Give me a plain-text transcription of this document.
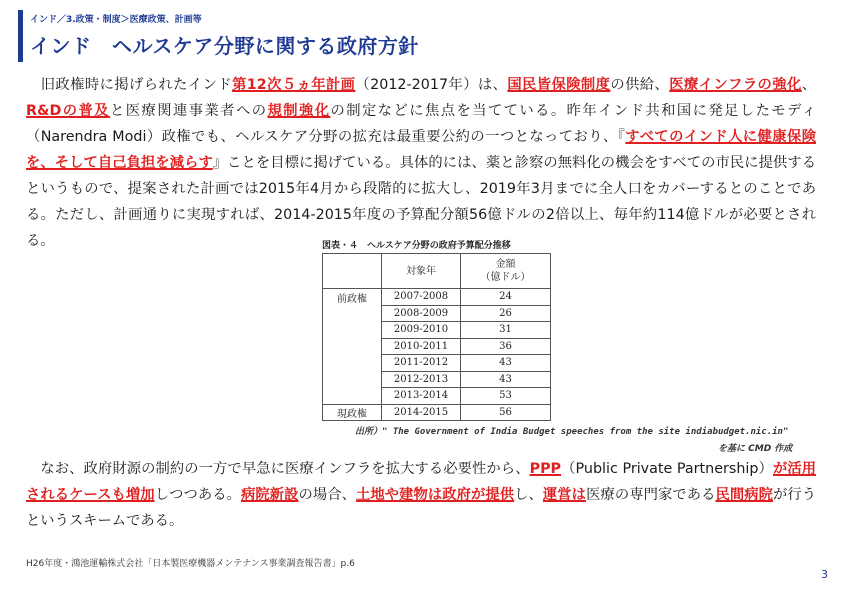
インド／3.政策・制度＞医療政策、計画等
インド　ヘルスケア分野に関する政府方針
　旧政権時に掲げられたインド第12次５ヵ年計画（2012-2017年）は、国民皆保険制度の供給、医療インフラの強化、R&Dの普及と医療関連事業者への規制強化の制定などに焦点を当てている。昨年インド共和国に発足したモディ（Narendra Modi）政権でも、ヘルスケア分野の拡充は最重要公約の一つとなっており、『すべてのインド人に健康保険を、そして自己負担を減らす』ことを目標に掲げている。具体的には、薬と診察の無料化の機会をすべての市民に提供するというもので、提案された計画では2015年4月から段階的に拡大し、2019年3月までに全人口をカバーするとのことである。ただし、計画通りに実現すれば、2014-2015年度の予算配分額56億ドルの2倍以上、毎年約114億ドルが必要とされる。	図表・４　ヘルスケア分野の政府予算配分推移
	対象年	金額
（億ドル）
前政権	2007-2008	24
	2008-2009	26
	2009-2010	31
	2010-2011	36
	2011-2012	43
	2012-2013	43
	2013-2014	53
現政権	2014-2015	56
出所）" The Government of India Budget speeches from the site indiabudget.nic.in"
を基に CMD 作成
　なお、政府財源の制約の一方で早急に医療インフラを拡大する必要性から、PPP（Public Private Partnership）が活用されるケースも増加しつつある。病院新設の場合、土地や建物は政府が提供し、運営は医療の専門家である民間病院が行うというスキームである。
H26年度・鴻池運輸株式会社「日本製医療機器メンテナンス事業調査報告書」p.6
3
